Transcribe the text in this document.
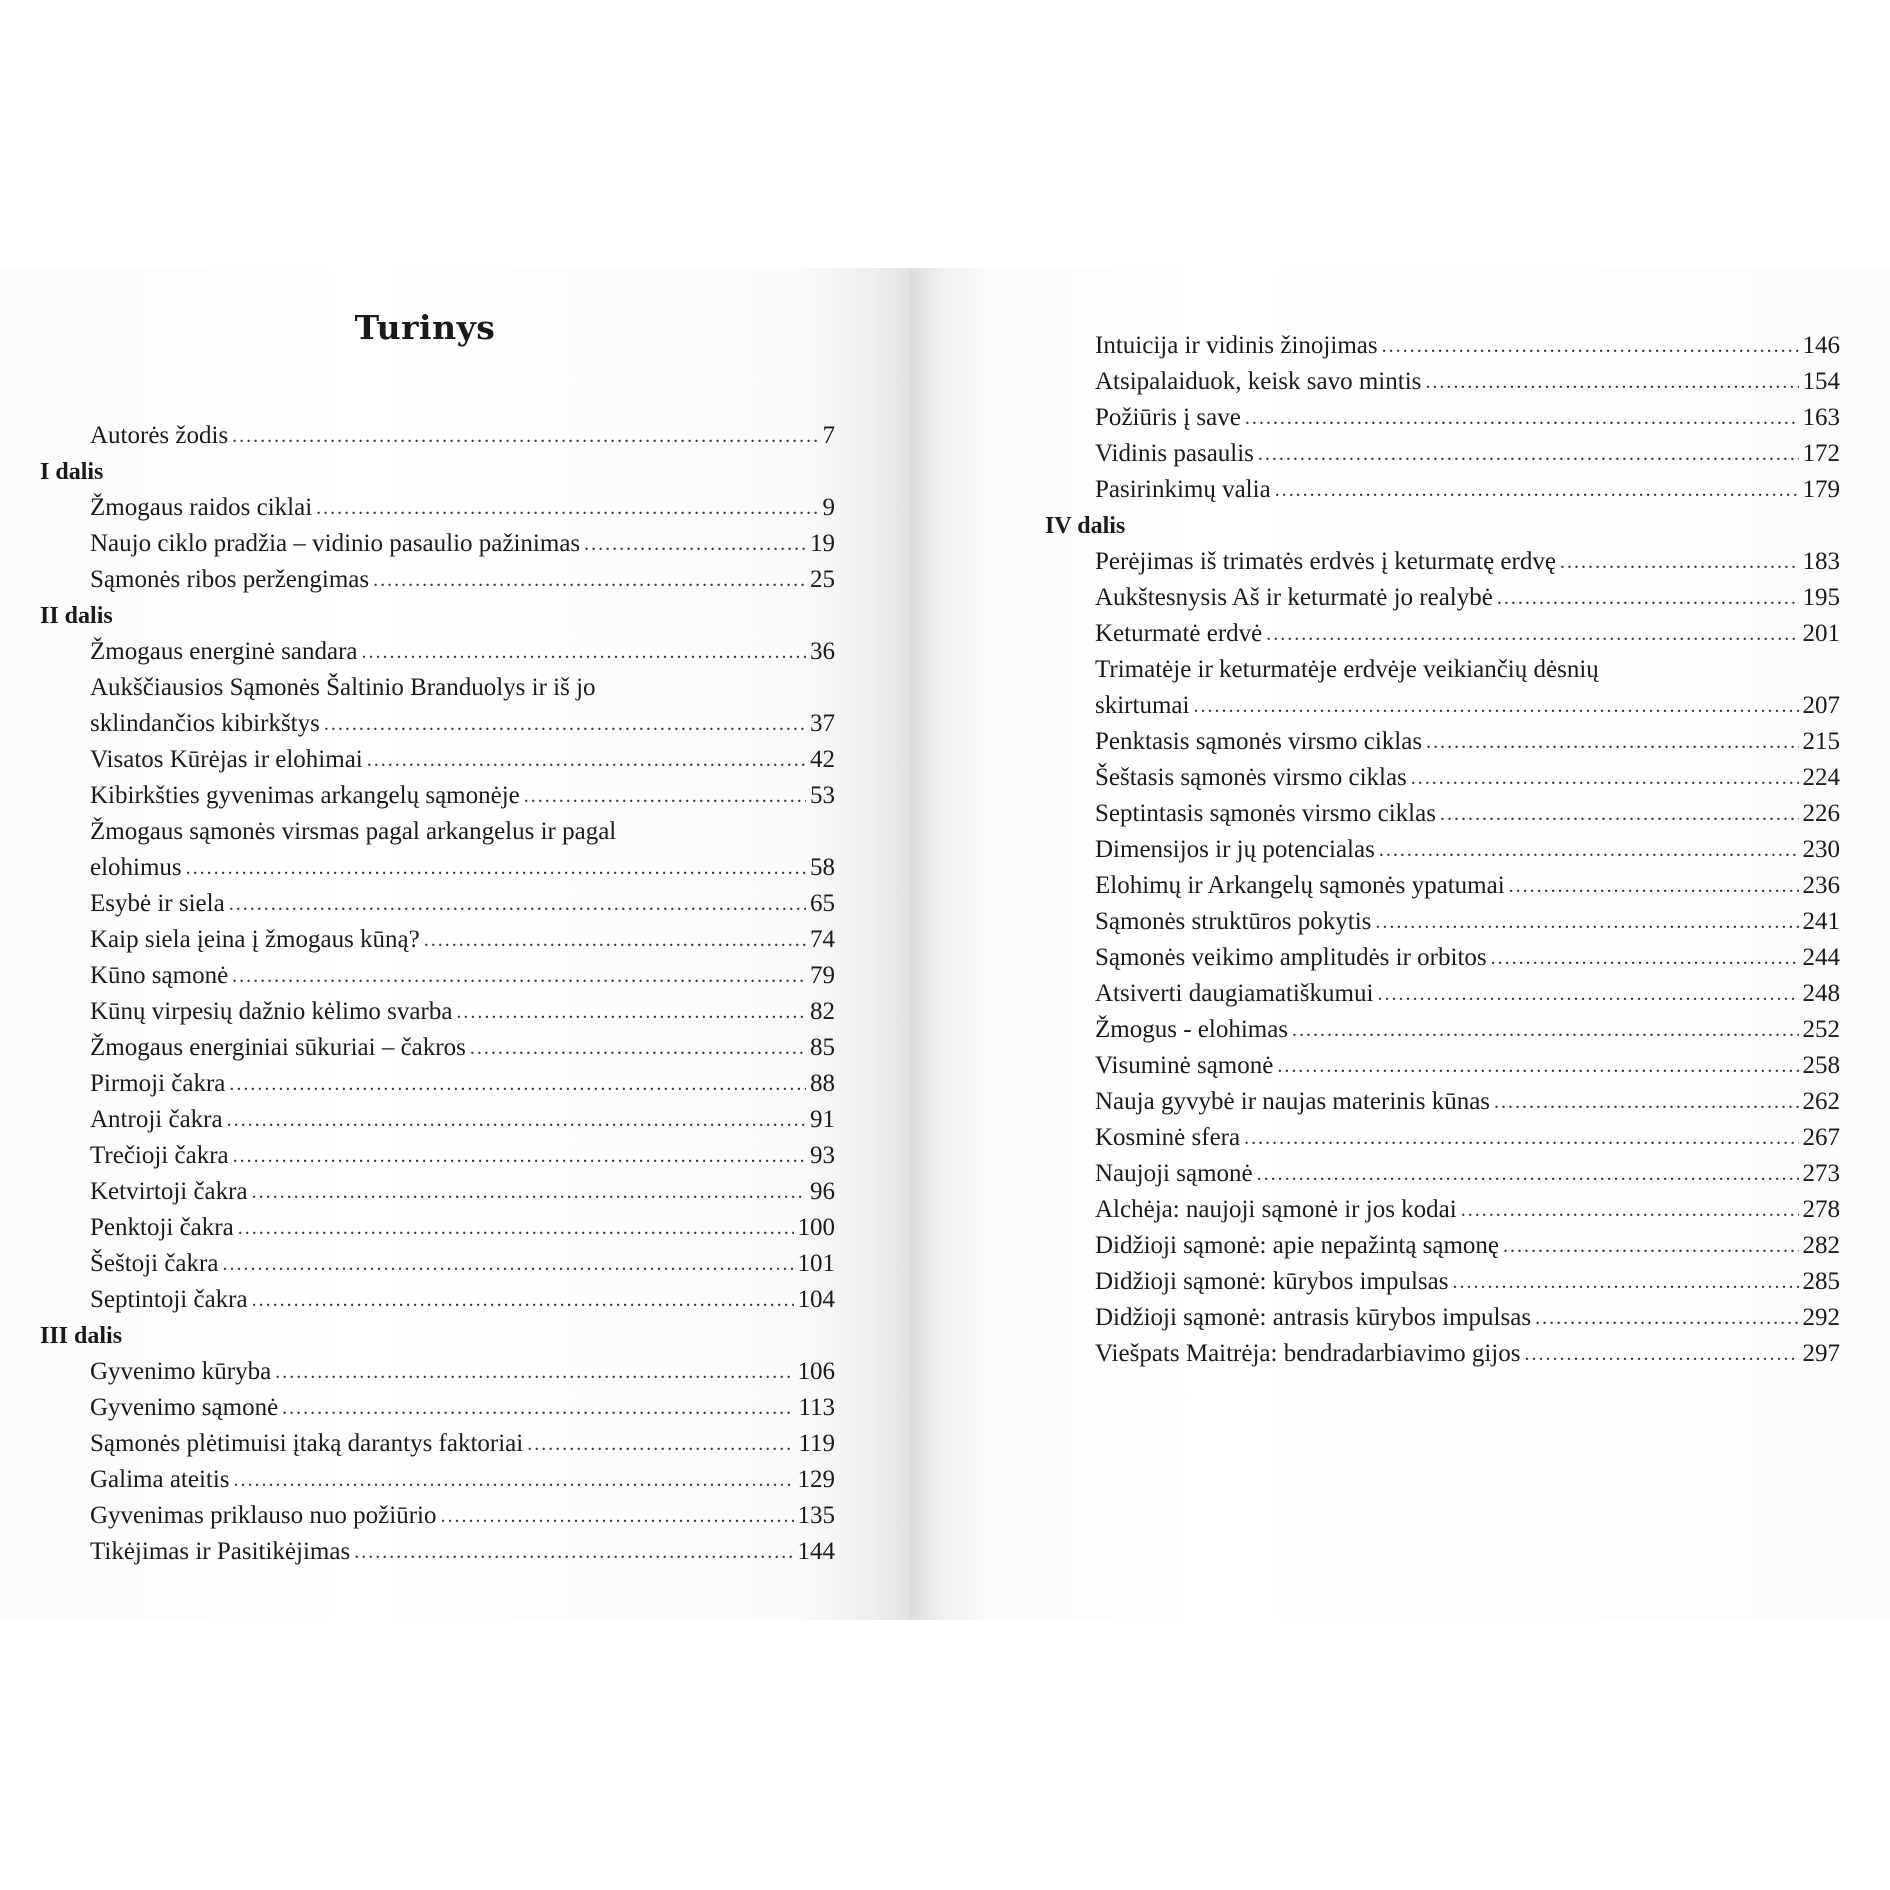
Turinys
Autorės žodis .....	7
I dalis
Žmogaus raidos ciklai .....	9
Naujo ciklo pradžia – vidinio pasaulio pažinimas .....	19
Sąmonės ribos peržengimas .....	25
II dalis
Žmogaus energinė sandara .....	36
Aukščiausios Sąmonės Šaltinio Branduolys ir iš jo
sklindančios kibirkštys .....	37
Visatos Kūrėjas ir elohimai .....	42
Kibirkšties gyvenimas arkangelų sąmonėje .....	53
Žmogaus sąmonės virsmas pagal arkangelus ir pagal
elohimus .....	58
Esybė ir siela .....	65
Kaip siela įeina į žmogaus kūną? .....	74
Kūno sąmonė .....	79
Kūnų virpesių dažnio kėlimo svarba .....	82
Žmogaus energiniai sūkuriai – čakros .....	85
Pirmoji čakra .....	88
Antroji čakra .....	91
Trečioji čakra .....	93
Ketvirtoji čakra .....	96
Penktoji čakra .....	100
Šeštoji čakra .....	101
Septintoji čakra .....	104
III dalis
Gyvenimo kūryba .....	106
Gyvenimo sąmonė .....	113
Sąmonės plėtimuisi įtaką darantys faktoriai .....	119
Galima ateitis .....	129
Gyvenimas priklauso nuo požiūrio .....	135
Tikėjimas ir Pasitikėjimas .....	144
Intuicija ir vidinis žinojimas .....	146
Atsipalaiduok, keisk savo mintis .....	154
Požiūris į save .....	163
Vidinis pasaulis .....	172
Pasirinkimų valia .....	179
IV dalis
Perėjimas iš trimatės erdvės į keturmatę erdvę .....	183
Aukštesnysis Aš ir keturmatė jo realybė .....	195
Keturmatė erdvė .....	201
Trimatėje ir keturmatėje erdvėje veikiančių dėsnių
skirtumai .....	207
Penktasis sąmonės virsmo ciklas .....	215
Šeštasis sąmonės virsmo ciklas .....	224
Septintasis sąmonės virsmo ciklas .....	226
Dimensijos ir jų potencialas .....	230
Elohimų ir Arkangelų sąmonės ypatumai .....	236
Sąmonės struktūros pokytis .....	241
Sąmonės veikimo amplitudės ir orbitos .....	244
Atsiverti daugiamatiškumui .....	248
Žmogus - elohimas .....	252
Visuminė sąmonė .....	258
Nauja gyvybė ir naujas materinis kūnas .....	262
Kosminė sfera .....	267
Naujoji sąmonė .....	273
Alchėja: naujoji sąmonė ir jos kodai .....	278
Didžioji sąmonė: apie nepažintą sąmonę .....	282
Didžioji sąmonė: kūrybos impulsas .....	285
Didžioji sąmonė: antrasis kūrybos impulsas .....	292
Viešpats Maitrėja: bendradarbiavimo gijos .....	297
